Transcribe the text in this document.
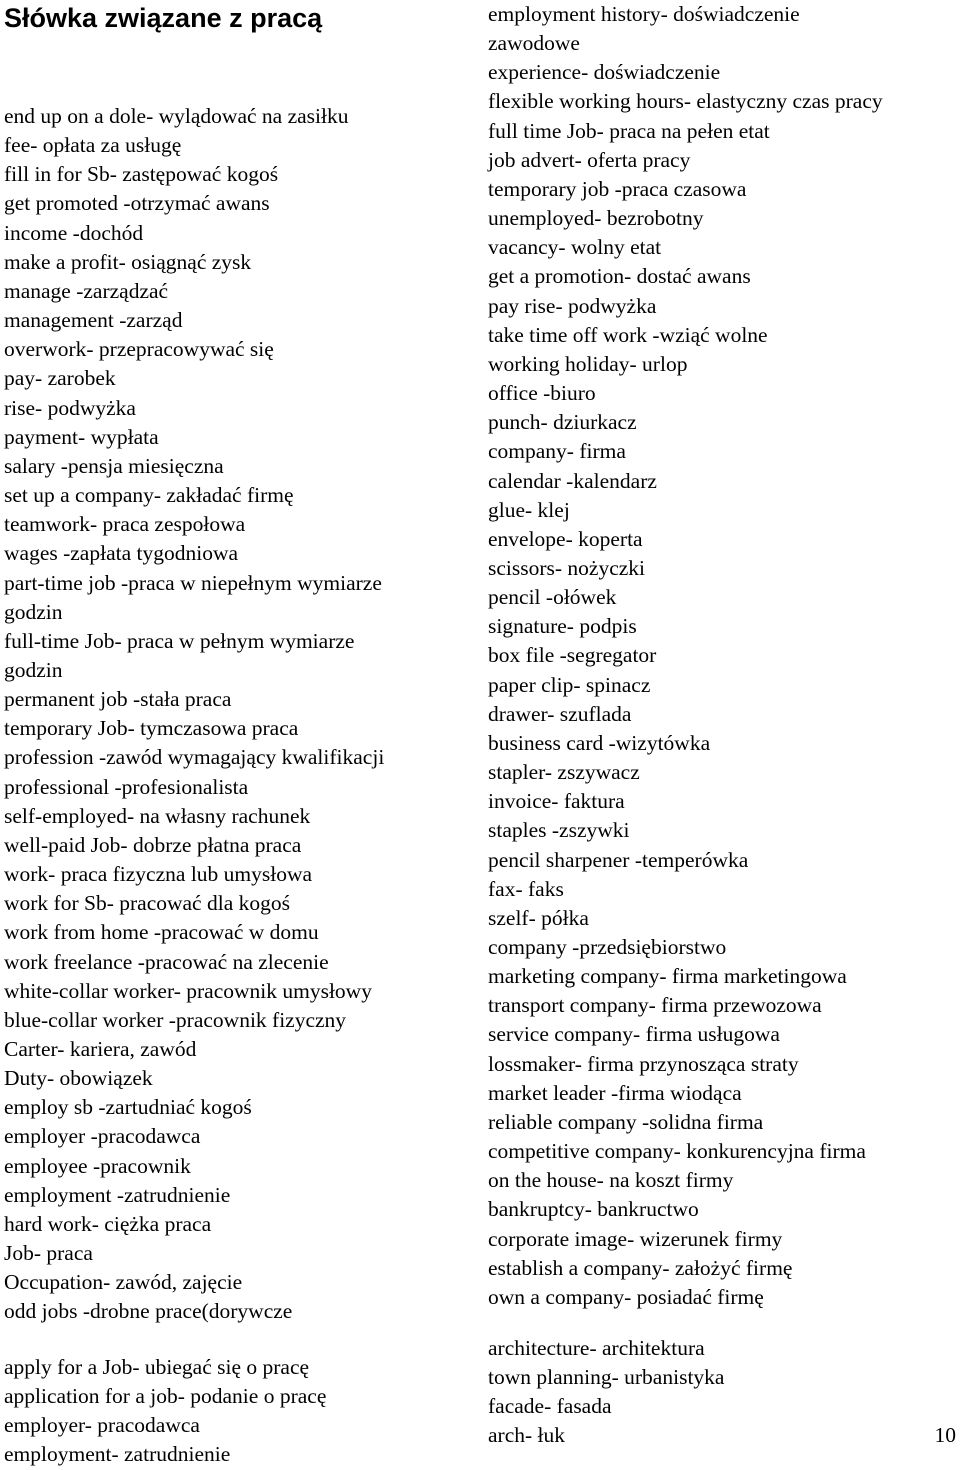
Słówka związane z pracą
end up on a dole- wylądować na zasiłku
fee- opłata za usługę
fill in for Sb- zastępować kogoś
get promoted -otrzymać awans
income -dochód
make a profit- osiągnąć zysk
manage -zarządzać
management -zarząd
overwork- przepracowywać się
pay- zarobek
rise- podwyżka
payment- wypłata
salary -pensja miesięczna
set up a company- zakładać firmę
teamwork- praca zespołowa
wages -zapłata tygodniowa
part-time job -praca w niepełnym wymiarze
godzin
full-time Job- praca w pełnym wymiarze
godzin
permanent job -stała praca
temporary Job- tymczasowa praca
profession -zawód wymagający kwalifikacji
professional -profesionalista
self-employed- na własny rachunek
well-paid Job- dobrze płatna praca
work- praca fizyczna lub umysłowa
work for Sb- pracować dla kogoś
work from home -pracować w domu
work freelance -pracować na zlecenie
white-collar worker- pracownik umysłowy
blue-collar worker -pracownik fizyczny
Carter- kariera, zawód
Duty- obowiązek
employ sb -zartudniać kogoś
employer -pracodawca
employee -pracownik
employment -zatrudnienie
hard work- ciężka praca
Job- praca
Occupation- zawód, zajęcie
odd jobs -drobne prace(dorywcze
apply for a Job- ubiegać się o pracę
application for a job- podanie o pracę
employer- pracodawca
employment- zatrudnienie
employment history- doświadczenie
zawodowe
experience- doświadczenie
flexible working hours- elastyczny czas pracy
full time Job- praca na pełen etat
job advert- oferta pracy
temporary job -praca czasowa
unemployed- bezrobotny
vacancy- wolny etat
get a promotion- dostać awans
pay rise- podwyżka
take time off work -wziąć wolne
working holiday- urlop
office -biuro
punch- dziurkacz
company- firma
calendar -kalendarz
glue- klej
envelope- koperta
scissors- nożyczki
pencil -ołówek
signature- podpis
box file -segregator
paper clip- spinacz
drawer- szuflada
business card -wizytówka
stapler- zszywacz
invoice- faktura
staples -zszywki
pencil sharpener -temperówka
fax- faks
szelf- półka
company -przedsiębiorstwo
marketing company- firma marketingowa
transport company- firma przewozowa
service company- firma usługowa
lossmaker- firma przynosząca straty
market leader -firma wiodąca
reliable company -solidna firma
competitive company- konkurencyjna firma
on the house- na koszt firmy
bankruptcy- bankructwo
corporate image- wizerunek firmy
establish a company- założyć firmę
own a company- posiadać firmę
architecture- architektura
town planning- urbanistyka
facade- fasada
arch- łuk	10
